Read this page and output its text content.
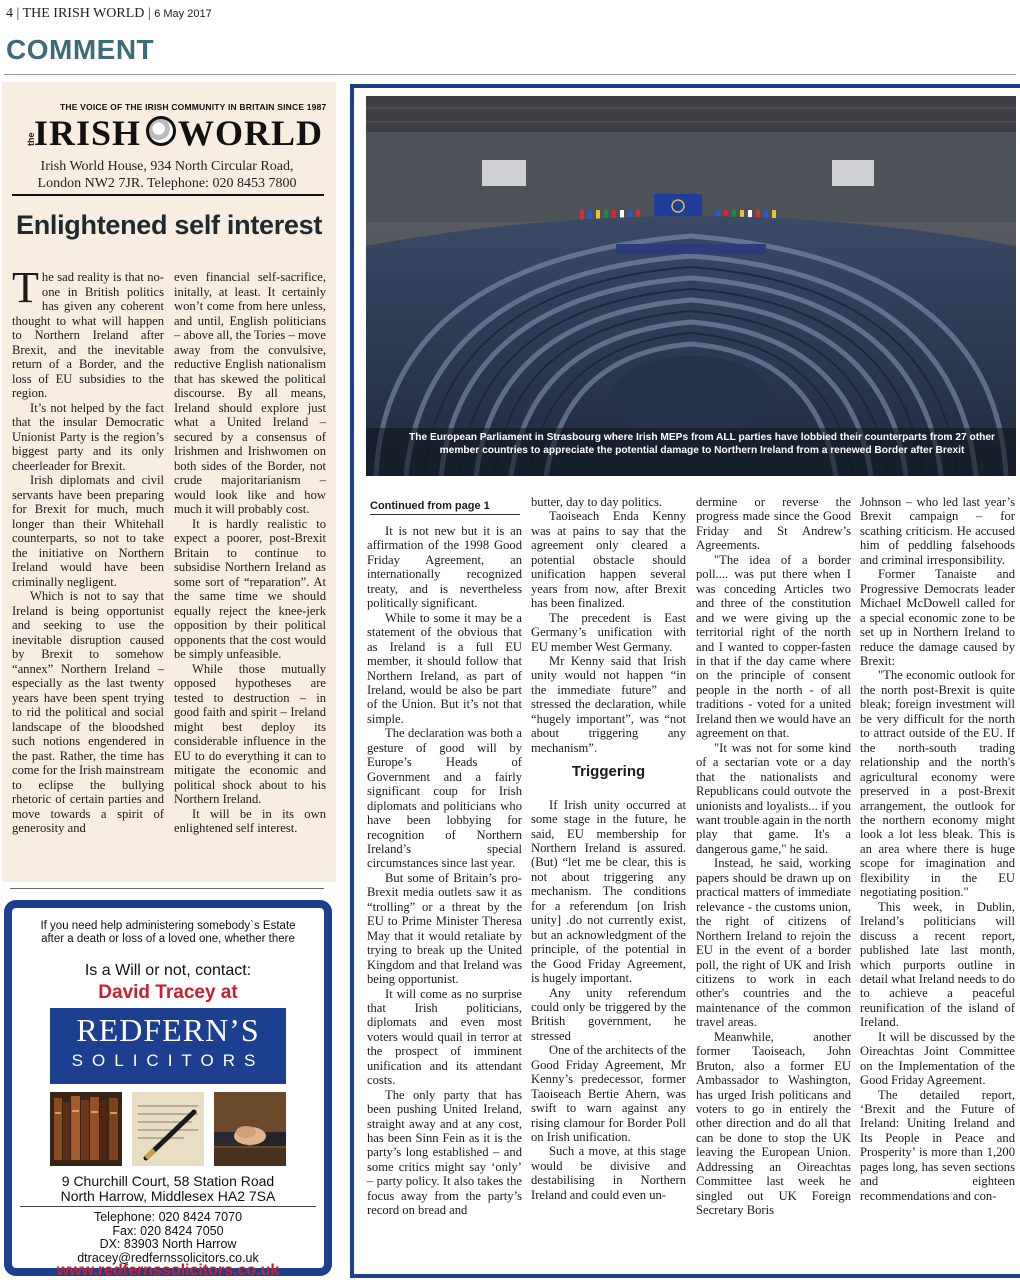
4 | THE IRISH WORLD | 6 May 2017
COMMENT
THE VOICE OF THE IRISH COMMUNITY IN BRITAIN SINCE 1987
the
IRISH WORLD
Irish World House, 934 North Circular Road,
London NW2 7JR. Telephone: 020 8453 7800
Enlightened self interest

The sad reality is that no-one in British politics has given any coherent thought to what will happen to Northern Ireland after Brexit, and the inevitable return of a Border, and the loss of EU subsidies to the region.

It’s not helped by the fact that the insular Democratic Unionist Party is the region’s biggest party and its only cheerleader for Brexit.

Irish diplomats and civil servants have been preparing for Brexit for much, much longer than their Whitehall counterparts, so not to take the initiative on Northern Ireland would have been criminally negligent.

Which is not to say that Ireland is being opportunist and seeking to use the inevitable disruption caused by Brexit to somehow “annex” Northern Ireland – especially as the last twenty years have been spent trying to rid the political and social landscape of the bloodshed such notions engendered in the past. Rather, the time has come for the Irish mainstream to eclipse the bullying rhetoric of certain parties and move towards a spirit of generosity and

even financial self-sacrifice, initally, at least. It certainly won’t come from here unless, and until, English politicians – above all, the Tories – move away from the convulsive, reductive English nationalism that has skewed the political discourse. By all means, Ireland should explore just what a United Ireland – secured by a consensus of Irishmen and Irishwomen on both sides of the Border, not crude majoritarianism – would look like and how much it will probably cost.

It is hardly realistic to expect a poorer, post-Brexit Britain to continue to subsidise Northern Ireland as some sort of “reparation”. At the same time we should equally reject the knee-jerk opposition by their political opponents that the cost would be simply unfeasible.

While those mutually opposed hypotheses are tested to destruction – in good faith and spirit – Ireland might best deploy its considerable influence in the EU to do everything it can to mitigate the economic and political shock about to his Northern Ireland.

It will be in its own enlightened self interest.

If you need help administering somebody`s Estate after a death or loss of a loved one, whether there
Is a Will or not, contact:
David Tracey at
REDFERN’S
SOLICITORS
9 Churchill Court, 58 Station Road
North Harrow, Middlesex HA2 7SA
Telephone: 020 8424 7070
Fax: 020 8424 7050
DX: 83903 North Harrow
dtracey@redfernssolicitors.co.uk
www.redfernssolicitors.co.uk
The European Parliament in Strasbourg where Irish MEPs from ALL parties have lobbied their counterparts from 27 other member countries to appreciate the potential damage to Northern Ireland from a renewed Border after Brexit
Continued from page 1

It is not new but it is an affirmation of the 1998 Good Friday Agreement, an internationally recognized treaty, and is nevertheless politically significant.

While to some it may be a statement of the obvious that as Ireland is a full EU member, it should follow that Northern Ireland, as part of Ireland, would be also be part of the Union. But it’s not that simple.

The declaration was both a gesture of good will by Europe’s Heads of Government and a fairly significant coup for Irish diplomats and politicians who have been lobbying for recognition of Northern Ireland’s special circumstances since last year.

But some of Britain’s pro-Brexit media outlets saw it as “trolling” or a threat by the EU to Prime Minister Theresa May that it would retaliate by trying to break up the United Kingdom and that Ireland was being opportunist.

It will come as no surprise that Irish politicians, diplomats and even most voters would quail in terror at the prospect of imminent unification and its attendant costs.

The only party that has been pushing United Ireland, straight away and at any cost, has been Sinn Fein as it is the party’s long established – and some critics might say ‘only’ – party policy. It also takes the focus away from the party’s record on bread and

butter, day to day politics.

Taoiseach Enda Kenny was at pains to say that the agreement only cleared a potential obstacle should unification happen several years from now, after Brexit has been finalized.

The precedent is East Germany’s unification with EU member West Germany.

Mr Kenny said that Irish unity would not happen “in the immediate future” and stressed the declaration, while “hugely important”, was “not about triggering any mechanism”.

Triggering

If Irish unity occurred at some stage in the future, he said, EU membership for Northern Ireland is assured. (But) “let me be clear, this is not about triggering any mechanism. The conditions for a referendum [on Irish unity] .do not currently exist, but an acknowledgment of the principle, of the potential in the Good Friday Agreement, is hugely important.

Any unity referendum could only be triggered by the British government, he stressed

One of the architects of the Good Friday Agreement, Mr Kenny’s predecessor, former Taoiseach Bertie Ahern, was swift to warn against any rising clamour for Border Poll on Irish unification.

Such a move, at this stage would be divisive and destabilising in Northern Ireland and could even un-

dermine or reverse the progress made since the Good Friday and St Andrew’s Agreements.

"The idea of a border poll.... was put there when I was conceding Articles two and three of the constitution and we were giving up the territorial right of the north and I wanted to copper-fasten in that if the day came where on the principle of consent people in the north - of all traditions - voted for a united Ireland then we would have an agreement on that.

"It was not for some kind of a sectarian vote or a day that the nationalists and Republicans could outvote the unionists and loyalists... if you want trouble again in the north play that game. It's a dangerous game," he said.

Instead, he said, working papers should be drawn up on practical matters of immediate relevance - the customs union, the right of citizens of Northern Ireland to rejoin the EU in the event of a border poll, the right of UK and Irish citizens to work in each other's countries and the maintenance of the common travel areas.

Meanwhile, another former Taoiseach, John Bruton, also a former EU Ambassador to Washington, has urged Irish politicans and voters to go in entirely the other direction and do all that can be done to stop the UK leaving the European Union. Addressing an Oireachtas Committee last week he singled out UK Foreign Secretary Boris

Johnson – who led last year’s Brexit campaign – for scathing criticism. He accused him of peddling falsehoods and criminal irresponsibility.

Former Tanaiste and Progressive Democrats leader Michael McDowell called for a special economic zone to be set up in Northern Ireland to reduce the damage caused by Brexit:

"The economic outlook for the north post-Brexit is quite bleak; foreign investment will be very difficult for the north to attract outside of the EU. If the north-south trading relationship and the north's agricultural economy were preserved in a post-Brexit arrangement, the outlook for the northern economy might look a lot less bleak. This is an area where there is huge scope for imagination and flexibility in the EU negotiating position."

This week, in Dublin, Ireland’s politicians will discuss a recent report, published late last month, which purports outline in detail what Ireland needs to do to achieve a peaceful reunification of the island of Ireland.

It will be discussed by the Oireachtas Joint Committee on the Implementation of the Good Friday Agreement.

The detailed report, ‘Brexit and the Future of Ireland: Uniting Ireland and Its People in Peace and Prosperity’ is more than 1,200 pages long, has seven sections and eighteen recommendations and con-
